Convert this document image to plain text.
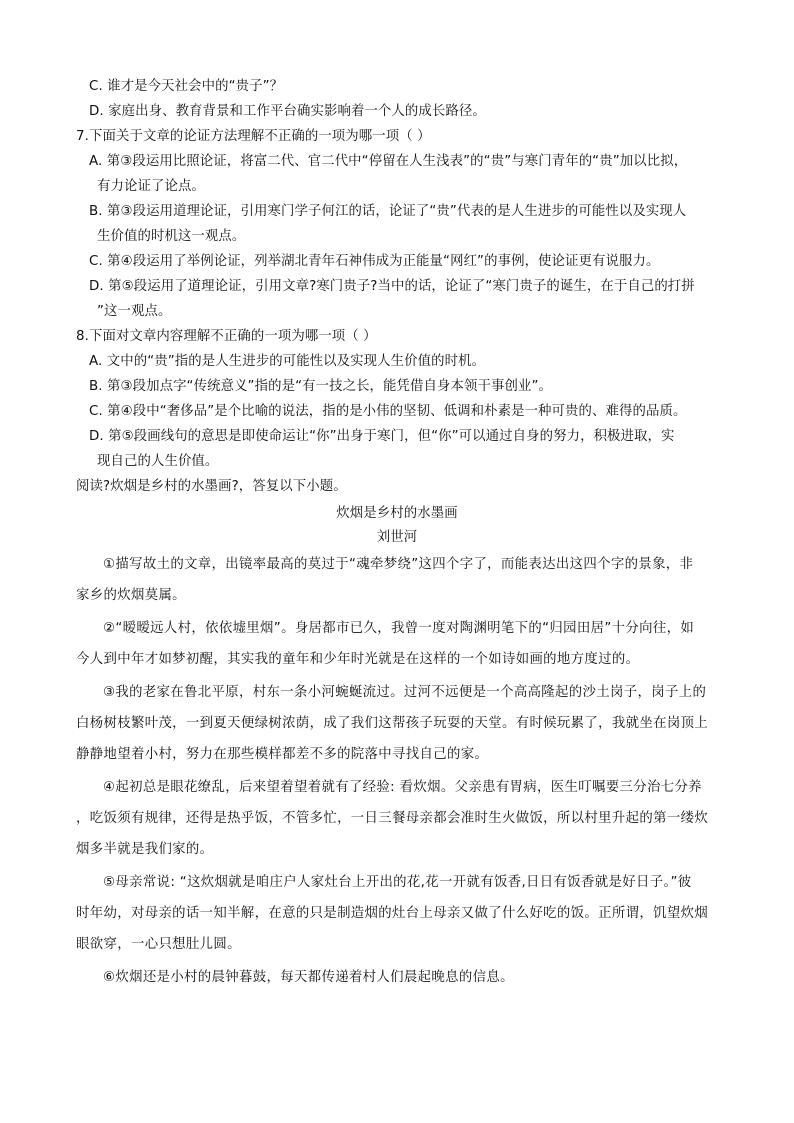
C. 谁才是今天社会中的“贵子”？
D. 家庭出身、教育背景和工作平台确实影响着一个人的成长路径。
7.下面关于文章的论证方法理解不正确的一项为哪一项（ ）
A. 第③段运用比照论证，将富二代、官二代中“停留在人生浅表”的“贵”与寒门青年的“贵”加以比拟，
有力论证了论点。
B. 第③段运用道理论证，引用寒门学子何江的话，论证了“贵”代表的是人生进步的可能性以及实现人
生价值的时机这一观点。
C. 第④段运用了举例论证，列举湖北青年石神伟成为正能量“网红”的事例，使论证更有说服力。
D. 第⑤段运用了道理论证，引用文章?寒门贵子?当中的话，论证了“寒门贵子的诞生，在于自己的打拼
”这一观点。
8.下面对文章内容理解不正确的一项为哪一项（ ）
A. 文中的“贵”指的是人生进步的可能性以及实现人生价值的时机。
B. 第③段加点字“传统意义”指的是“有一技之长，能凭借自身本领干事创业”。
C. 第④段中“奢侈品”是个比喻的说法，指的是小伟的坚韧、低调和朴素是一种可贵的、难得的品质。
D. 第⑤段画线句的意思是即使命运让“你”出身于寒门，但“你”可以通过自身的努力，积极进取，实
现自己的人生价值。
阅读?炊烟是乡村的水墨画?，答复以下小题。
炊烟是乡村的水墨画
刘世河
①描写故土的文章，出镜率最高的莫过于“魂牵梦绕”这四个字了，而能表达出这四个字的景象，非
家乡的炊烟莫属。
②“暧暧远人村，依依墟里烟”。身居都市已久，我曾一度对陶渊明笔下的“归园田居”十分向往，如
今人到中年才如梦初醒，其实我的童年和少年时光就是在这样的一个如诗如画的地方度过的。
③我的老家在鲁北平原，村东一条小河蜿蜒流过。过河不远便是一个高高隆起的沙土岗子，岗子上的
白杨树枝繁叶茂，一到夏天便绿树浓荫，成了我们这帮孩子玩耍的天堂。有时候玩累了，我就坐在岗顶上
静静地望着小村，努力在那些模样都差不多的院落中寻找自己的家。
④起初总是眼花缭乱，后来望着望着就有了经验: 看炊烟。父亲患有胃病，医生叮嘱要三分治七分养
，吃饭须有规律，还得是热乎饭，不管多忙，一日三餐母亲都会准时生火做饭，所以村里升起的第一缕炊
烟多半就是我们家的。
⑤母亲常说: “这炊烟就是咱庄户人家灶台上开出的花,花一开就有饭香,日日有饭香就是好日子。”彼
时年幼，对母亲的话一知半解，在意的只是制造烟的灶台上母亲又做了什么好吃的饭。正所谓，饥望炊烟
眼欲穿，一心只想肚儿圆。
⑥炊烟还是小村的晨钟暮鼓，每天都传递着村人们晨起晚息的信息。
